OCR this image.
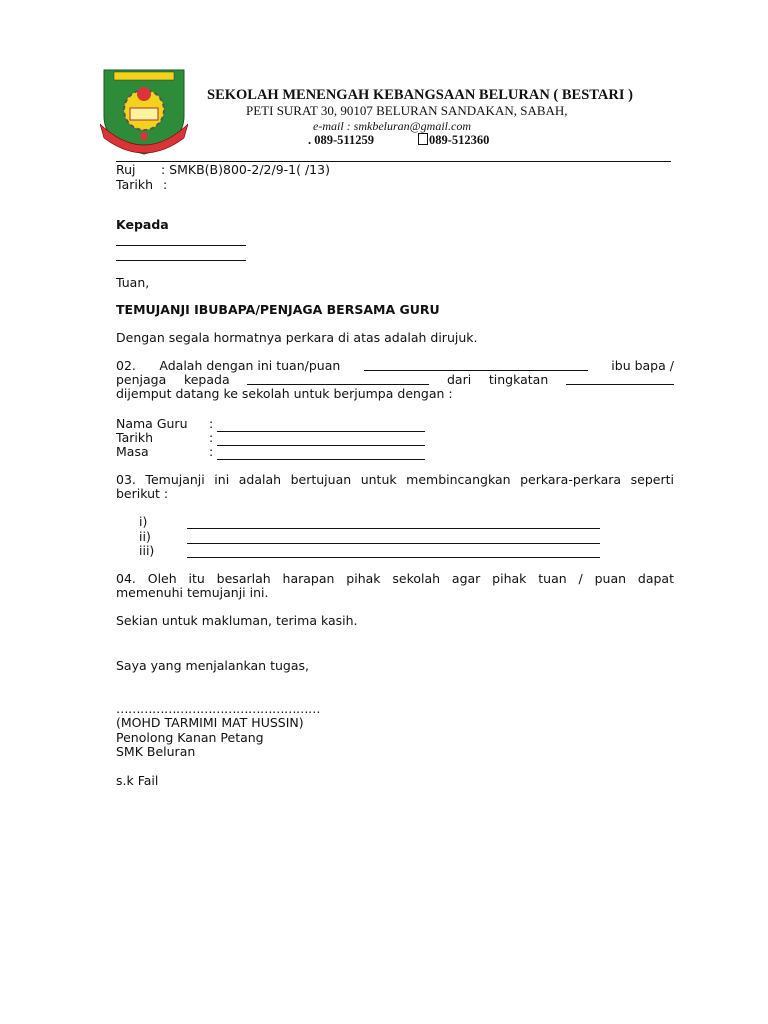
SEKOLAH MENENGAH KEBANGSAAN BELURAN ( BESTARI )
PETI SURAT 30, 90107 BELURAN SANDAKAN, SABAH,
e-mail : smkbeluran@gmail.com
. 089-511259	089-512360
Ruj : SMKB(B)800-2/2/9-1( /13)
Tarikh :
Kepada
Tuan,
TEMUJANJI IBUBAPA/PENJAGA BERSAMA GURU
Dengan segala hormatnya perkara di atas adalah dirujuk.
02. Adalah dengan ini tuan/puan	ibu bapa /
penjaga kepada	dari tingkatan
dijemput datang ke sekolah untuk berjumpa dengan :
Nama Guru :
Tarikh	:
Masa	:
03. Temujanji ini adalah bertujuan untuk membincangkan perkara-perkara seperti
berikut :
i)
ii)
iii)
04. Oleh itu besarlah harapan pihak sekolah agar pihak tuan / puan dapat
memenuhi temujanji ini.
Sekian untuk makluman, terima kasih.
Saya yang menjalankan tugas,
……………………………………………
(MOHD TARMIMI MAT HUSSIN)
Penolong Kanan Petang
SMK Beluran
s.k Fail
